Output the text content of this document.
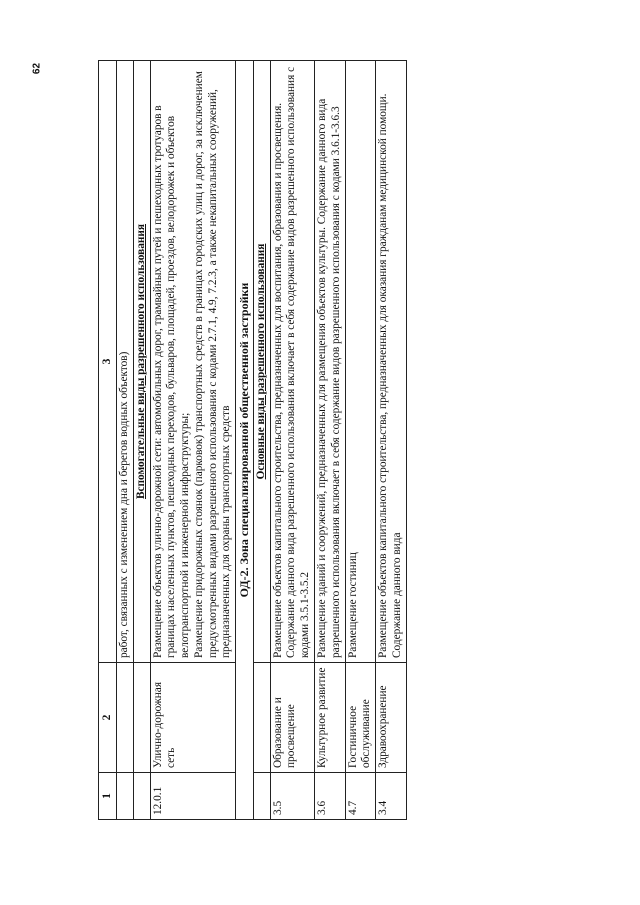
62
1	2	3
		работ, связанных с изменением дна и берегов водных объектов)
		Вспомогательные виды разрешенного использования
12.0.1	Улично-дорожная сеть	Размещение объектов улично-дорожной сети: автомобильных дорог, трамвайных путей и пешеходных тротуаров в границах населенных пунктов, пешеходных переходов, бульваров, площадей, проездов, велодорожек и объектов велотранспортной и инженерной инфраструктуры; Размещение придорожных стоянок (парковок) транспортных средств в границах городских улиц и дорог, за исключением предусмотренных видами разрешенного использования с кодами 2.7.1, 4.9, 7.2.3, а также некапитальных сооружений, предназначенных для охраны транспортных средств

ОД-2. Зона специализированной общественной застройки		
		Основные виды разрешенного использования
3.5	Образование и просвещение	Размещение объектов капитального строительства, предназначенных для воспитания, образования и просвещения. Содержание данного вида разрешенного использования включает в себя содержание видов разрешенного использования с кодами 3.5.1-3.5.2
3.6	Культурное развитие	Размещение зданий и сооружений, предназначенных для размещения объектов культуры. Содержание данного вида разрешенного использования включает в себя содержание видов разрешенного использования с кодами 3.6.1-3.6.3
4.7	Гостиничное обслуживание	Размещение гостиниц
3.4	Здравоохранение	Размещение объектов капитального строительства, предназначенных для оказания гражданам медицинской помощи. Содержание данного вида
